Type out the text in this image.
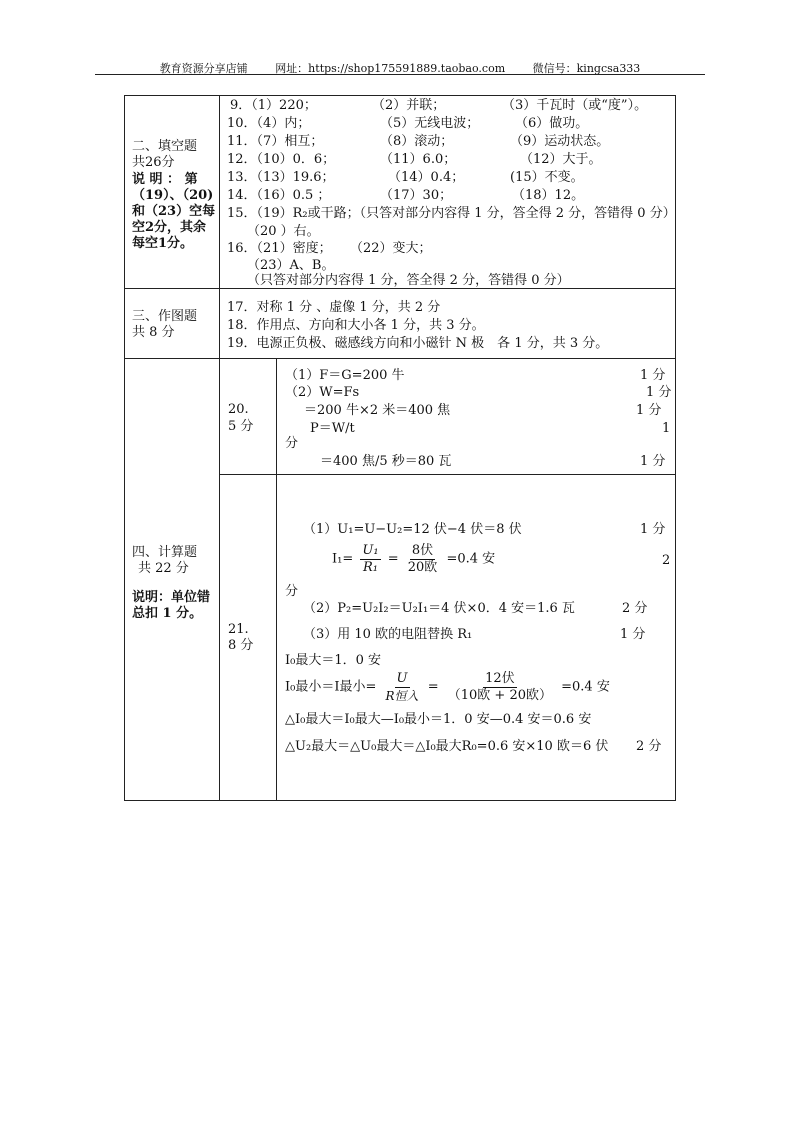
教育资源分享店铺	网址：https://shop175591889.taobao.com	微信号：kingcsa333
二、填空题
共26分
说 明 ： 第
（19）、（20)
和（23）空每
空2分，其余
每空1分。
9．（1）220；	（2）并联；	（3）千瓦时（或“度”）。
10．（4）内；	（5）无线电波；	（6）做功。
11．（7）相互；	（8）滚动；	（9）运动状态。
12．（10）0．6；	（11）6.0；	（12）大于。
13．（13）19.6；	（14）0.4；	(15）不变。
14．（16）0.5 ；	（17）30；	（18）12。
15．（19）R₂或干路；（只答对部分内容得 1 分，答全得 2 分，答错得 0 分）
（20 ）右。
16．（21）密度； （22）变大；
（23）A、B。
（只答对部分内容得 1 分，答全得 2 分，答错得 0 分）
三、作图题
共 8 分
17．对称 1 分 、虚像 1 分，共 2 分
18．作用点、方向和大小各 1 分，共 3 分。
19．电源正负极、磁感线方向和小磁针 N 极　各 1 分，共 3 分。
四、计算题
共 22 分
说明：单位错
总扣 1 分。
20.
5 分
（1）F＝G=200 牛	1 分
（2）W=Fs	1 分
＝200 牛×2 米＝400 焦	1 分
P＝W/t	1
分
＝400 焦/5 秒＝80 瓦	1 分
21.
8 分
（1）U₁=U−U₂=12 伏−4 伏＝8 伏	1 分
$I_1= \frac{\text{U₁}}{\text{R₁}} = \frac{\text{8伏}}{\text{20欧}} =0.4$ 安	2
分
（2）P₂=U₂I₂＝U₂I₁＝4 伏×0．4 安＝1.6 瓦	2 分
（3）用 10 欧的电阻替换 R₁	1 分
I₀最大＝1．0 安
I₀最小＝I最小= $\frac{U}{\text{R恒入}} = \frac{\text{12伏}}{\text{（10欧 + 20欧）}} =0.4$ 安
△I₀最大＝I₀最大—I₀最小＝1．0 安—0.4 安＝0.6 安
△U₂最大＝△U₀最大＝△I₀最大R₀=0.6 安×10 欧＝6 伏 2 分
